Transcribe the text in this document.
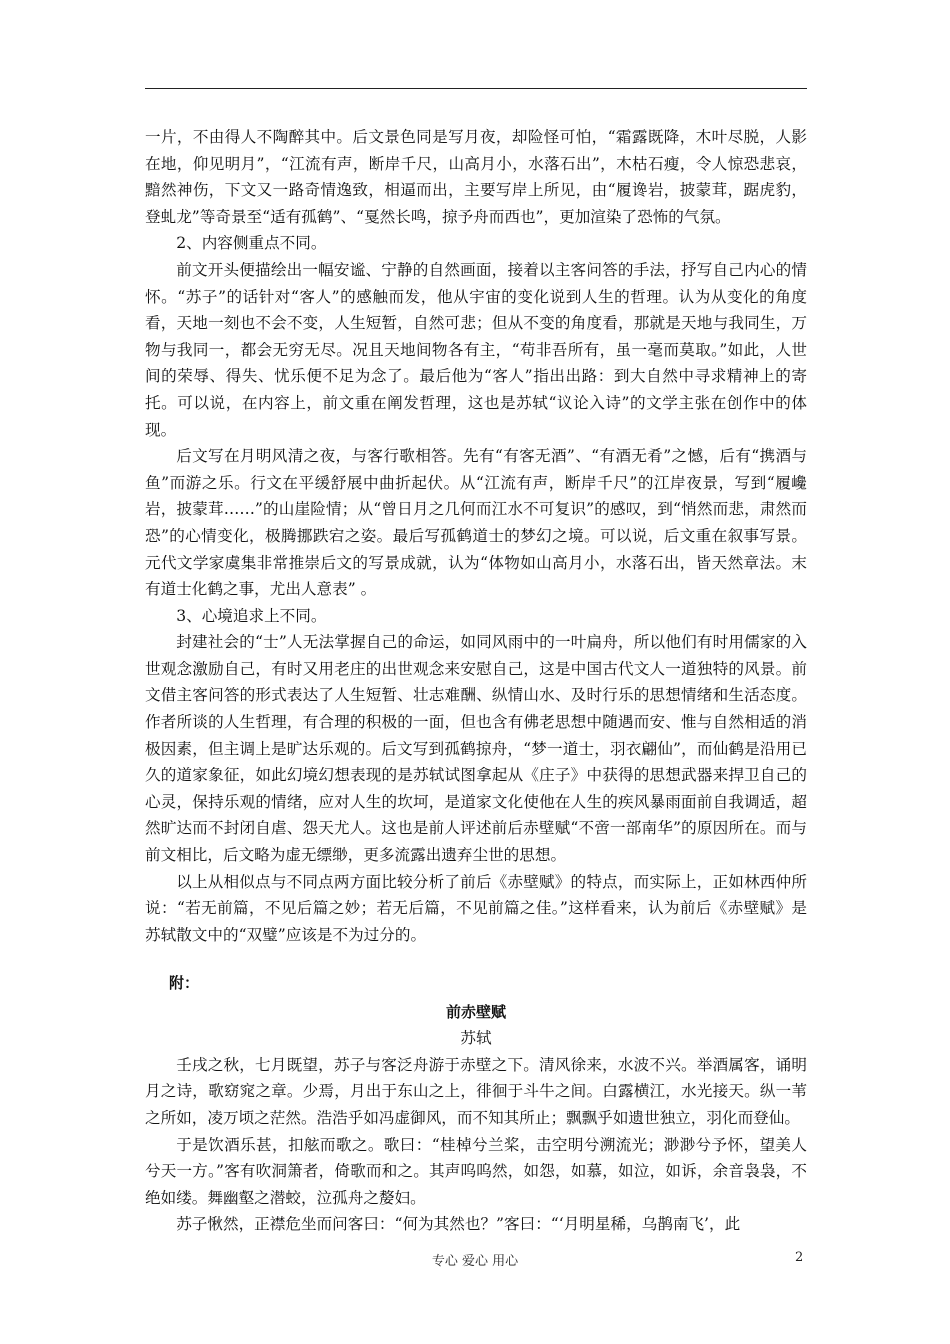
一片，不由得人不陶醉其中。后文景色同是写月夜，却险怪可怕，“霜露既降，木叶尽脱，人影在地，仰见明月”，“江流有声，断岸千尺，山高月小，水落石出”，木枯石瘦，令人惊恐悲哀，黯然神伤，下文又一路奇情逸致，相逼而出，主要写岸上所见，由“履谗岩，披蒙茸，踞虎豹，登虬龙”等奇景至“适有孤鹤”、“戛然长鸣，掠予舟而西也”，更加渲染了恐怖的气氛。

2、内容侧重点不同。

前文开头便描绘出一幅安谧、宁静的自然画面，接着以主客问答的手法，抒写自己内心的情怀。“苏子”的话针对“客人”的感触而发，他从宇宙的变化说到人生的哲理。认为从变化的角度看，天地一刻也不会不变，人生短暂，自然可悲；但从不变的角度看，那就是天地与我同生，万物与我同一，都会无穷无尽。况且天地间物各有主，“苟非吾所有，虽一毫而莫取。”如此，人世间的荣辱、得失、忧乐便不足为念了。最后他为“客人”指出出路：到大自然中寻求精神上的寄托。可以说，在内容上，前文重在阐发哲理，这也是苏轼“议论入诗”的文学主张在创作中的体现。

后文写在月明风清之夜，与客行歌相答。先有“有客无酒”、“有酒无肴”之憾，后有“携酒与鱼”而游之乐。行文在平缓舒展中曲折起伏。从“江流有声，断岸千尺”的江岸夜景，写到“履巉岩，披蒙茸……”的山崖险情；从“曾日月之几何而江水不可复识”的感叹，到“悄然而悲，肃然而恐”的心情变化，极腾挪跌宕之姿。最后写孤鹤道士的梦幻之境。可以说，后文重在叙事写景。元代文学家虞集非常推崇后文的写景成就，认为“体物如山高月小，水落石出，皆天然章法。末有道士化鹤之事，尤出人意表” 。

3、心境追求上不同。

封建社会的“士”人无法掌握自己的命运，如同风雨中的一叶扁舟，所以他们有时用儒家的入世观念激励自己，有时又用老庄的出世观念来安慰自己，这是中国古代文人一道独特的风景。前文借主客问答的形式表达了人生短暂、壮志难酬、纵情山水、及时行乐的思想情绪和生活态度。作者所谈的人生哲理，有合理的积极的一面，但也含有佛老思想中随遇而安、惟与自然相适的消极因素，但主调上是旷达乐观的。后文写到孤鹤掠舟，“梦一道士，羽衣翩仙”，而仙鹤是沿用已久的道家象征，如此幻境幻想表现的是苏轼试图拿起从《庄子》中获得的思想武器来捍卫自己的心灵，保持乐观的情绪，应对人生的坎坷，是道家文化使他在人生的疾风暴雨面前自我调适，超然旷达而不封闭自虐、怨天尤人。这也是前人评述前后赤壁赋“不啻一部南华”的原因所在。而与前文相比，后文略为虚无缥缈，更多流露出遗弃尘世的思想。

以上从相似点与不同点两方面比较分析了前后《赤壁赋》的特点，而实际上，正如林西仲所说：“若无前篇，不见后篇之妙；若无后篇，不见前篇之佳。”这样看来，认为前后《赤壁赋》是苏轼散文中的“双璧”应该是不为过分的。

附：
前赤壁赋
苏轼

壬戌之秋，七月既望，苏子与客泛舟游于赤壁之下。清风徐来，水波不兴。举酒属客，诵明月之诗，歌窈窕之章。少焉，月出于东山之上，徘徊于斗牛之间。白露横江，水光接天。纵一苇之所如，凌万顷之茫然。浩浩乎如冯虚御风，而不知其所止；飘飘乎如遗世独立，羽化而登仙。

于是饮酒乐甚，扣舷而歌之。歌曰：“桂棹兮兰桨，击空明兮溯流光；渺渺兮予怀，望美人兮天一方。”客有吹洞箫者，倚歌而和之。其声呜呜然，如怨，如慕，如泣，如诉，余音袅袅，不绝如缕。舞幽壑之潜蛟，泣孤舟之嫠妇。

苏子愀然，正襟危坐而问客曰：“何为其然也？”客曰：“‘月明星稀，乌鹊南飞’，此

专心 爱心 用心	2
